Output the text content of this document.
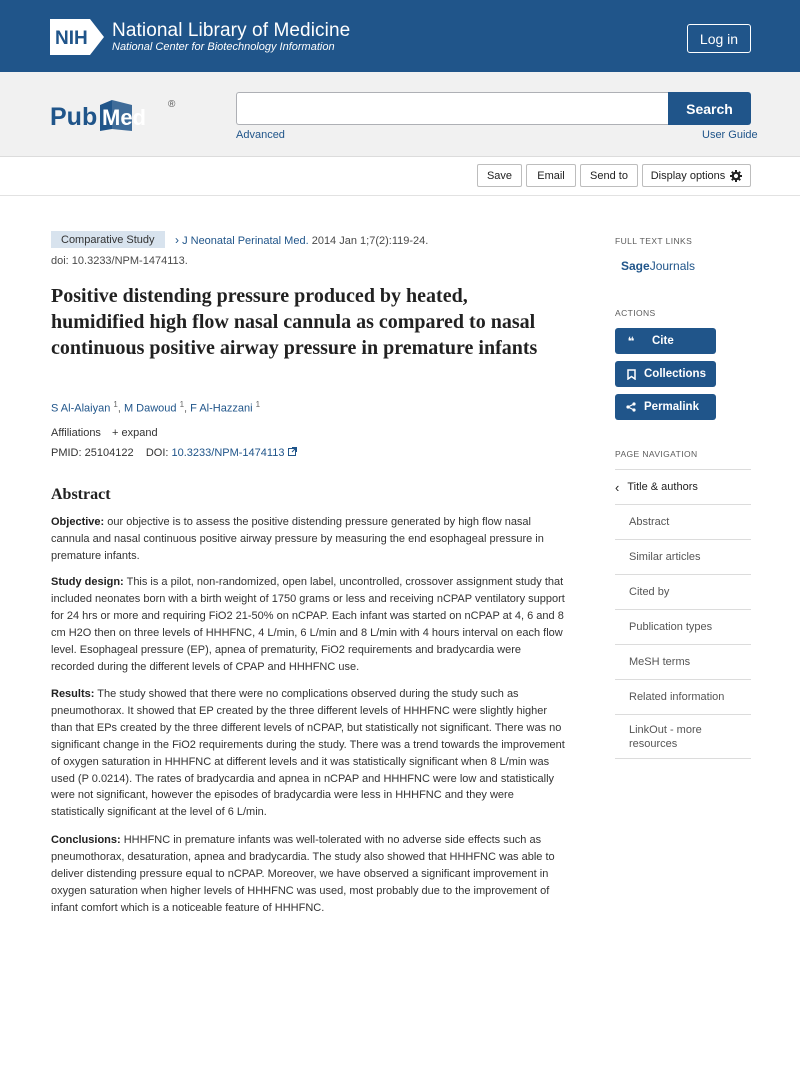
NIH National Library of Medicine
National Center for Biotechnology Information
Log in
Pub Med
®	Search
Advanced	User Guide
Save	Email	Send to	Display options
Comparative Study	› J Neonatal Perinatal Med. 2014 Jan 1;7(2):119-24.
doi: 10.3233/NPM-1474113.
Positive distending pressure produced by heated, humidified high flow nasal cannula as compared to nasal continuous positive airway pressure in premature infants
S Al-Alaiyan $^1$, M Dawoud $^1$, F Al-Hazzani $^1$
Affiliations + expand
PMID: 25104122 DOI: 10.3233/NPM-1474113
Abstract

Objective: our objective is to assess the positive distending pressure generated by high flow nasal cannula and nasal continuous positive airway pressure by measuring the end esophageal pressure in premature infants.

Study design: This is a pilot, non-randomized, open label, uncontrolled, crossover assignment study that included neonates born with a birth weight of 1750 grams or less and receiving nCPAP ventilatory support for 24 hrs or more and requiring FiO2 21-50% on nCPAP. Each infant was started on nCPAP at 4, 6 and 8 cm H2O then on three levels of HHHFNC, 4 L/min, 6 L/min and 8 L/min with 4 hours interval on each flow level. Esophageal pressure (EP), apnea of prematurity, FiO2 requirements and bradycardia were recorded during the different levels of CPAP and HHHFNC use.

Results: The study showed that there were no complications observed during the study such as pneumothorax. It showed that EP created by the three different levels of HHHFNC were slightly higher than that EPs created by the three different levels of nCPAP, but statistically not significant. There was no significant change in the FiO2 requirements during the study. There was a trend towards the improvement of oxygen saturation in HHHFNC at different levels and it was statistically significant when 8 L/min was used (P 0.0214). The rates of bradycardia and apnea in nCPAP and HHHFNC were low and statistically were not significant, however the episodes of bradycardia were less in HHHFNC and they were statistically significant at the level of 6 L/min.

Conclusions: HHHFNC in premature infants was well-tolerated with no adverse side effects such as pneumothorax, desaturation, apnea and bradycardia. The study also showed that HHHFNC was able to deliver distending pressure equal to nCPAP. Moreover, we have observed a significant improvement in oxygen saturation when higher levels of HHHFNC was used, most probably due to the improvement of infant comfort which is a noticeable feature of HHHFNC.

FULL TEXT LINKS
SageJournals
ACTIONS
❝	Cite
Collections
Permalink
PAGE NAVIGATION
‹ Title & authors
Abstract
Similar articles
Cited by
Publication types
MeSH terms
Related information
LinkOut - more resources
